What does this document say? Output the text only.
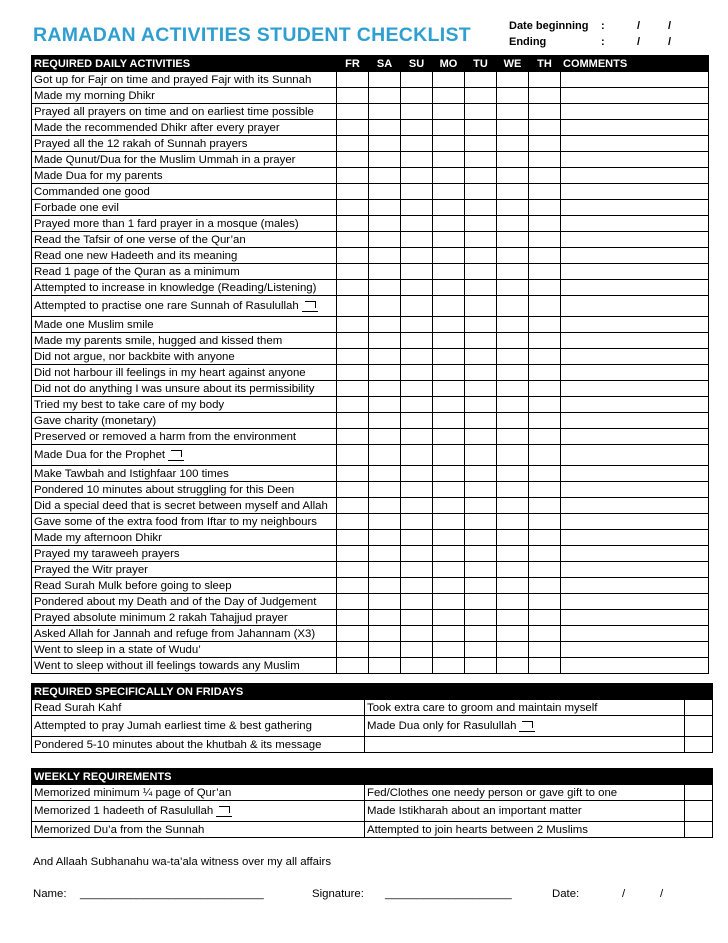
RAMADAN ACTIVITIES STUDENT CHECKLIST	Date beginning :	/	/
Ending	:	/	/
REQUIRED DAILY ACTIVITIES	FR	SA	SU	MO	TU	WE	TH	COMMENTS
Got up for Fajr on time and prayed Fajr with its Sunnah								
Made my morning Dhikr								
Prayed all prayers on time and on earliest time possible								
Made the recommended Dhikr after every prayer								
Prayed all the 12 rakah of Sunnah prayers								
Made Qunut/Dua for the Muslim Ummah in a prayer								
Made Dua for my parents								
Commanded one good								
Forbade one evil								
Prayed more than 1 fard prayer in a mosque (males)								
Read the Tafsir of one verse of the Qur’an								
Read one new Hadeeth and its meaning								
Read 1 page of the Quran as a minimum								
Attempted to increase in knowledge (Reading/Listening)								
Attempted to practise one rare Sunnah of Rasulullah								
Made one Muslim smile								
Made my parents smile, hugged and kissed them								
Did not argue, nor backbite with anyone								
Did not harbour ill feelings in my heart against anyone								
Did not do anything I was unsure about its permissibility								
Tried my best to take care of my body								
Gave charity (monetary)								
Preserved or removed a harm from the environment								
Made Dua for the Prophet								
Make Tawbah and Istighfaar 100 times								
Pondered 10 minutes about struggling for this Deen								
Did a special deed that is secret between myself and Allah								
Gave some of the extra food from Iftar to my neighbours								
Made my afternoon Dhikr								
Prayed my taraweeh prayers								
Prayed the Witr prayer								
Read Surah Mulk before going to sleep								
Pondered about my Death and of the Day of Judgement								
Prayed absolute minimum 2 rakah Tahajjud prayer								
Asked Allah for Jannah and refuge from Jahannam (X3)								
Went to sleep in a state of Wudu’								
Went to sleep without ill feelings towards any Muslim								
REQUIRED SPECIFICALLY ON FRIDAYS		
Read Surah Kahf	Took extra care to groom and maintain myself	
Attempted to pray Jumah earliest time & best gathering	Made Dua only for Rasulullah	
Pondered 5-10 minutes about the khutbah & its message		
WEEKLY REQUIREMENTS		
Memorized minimum ¼ page of Qur’an	Fed/Clothes one needy person or gave gift to one	
Memorized 1 hadeeth of Rasulullah	Made Istikharah about an important matter	
Memorized Du’a from the Sunnah	Attempted to join hearts between 2 Muslims	
And Allaah Subhanahu wa-ta’ala witness over my all affairs
Name: _____________________________	Signature: ____________________	Date:	/	/
